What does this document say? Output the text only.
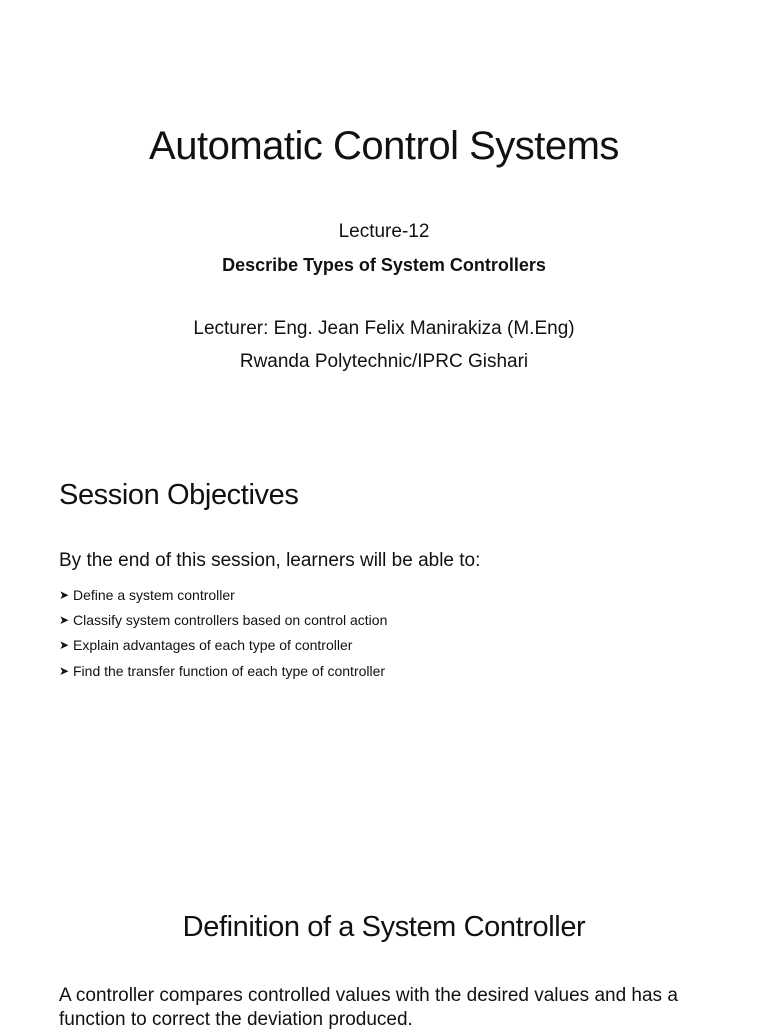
Automatic Control Systems
Lecture-12
Describe Types of System Controllers
Lecturer: Eng. Jean Felix Manirakiza (M.Eng)
Rwanda Polytechnic/IPRC Gishari
Session Objectives
By the end of this session, learners will be able to:
➤ Define a system controller
➤ Classify system controllers based on control action
➤ Explain advantages of each type of controller
➤ Find the transfer function of each type of controller
Definition of a System Controller
A controller compares controlled values with the desired values and has a function to correct the deviation produced.
